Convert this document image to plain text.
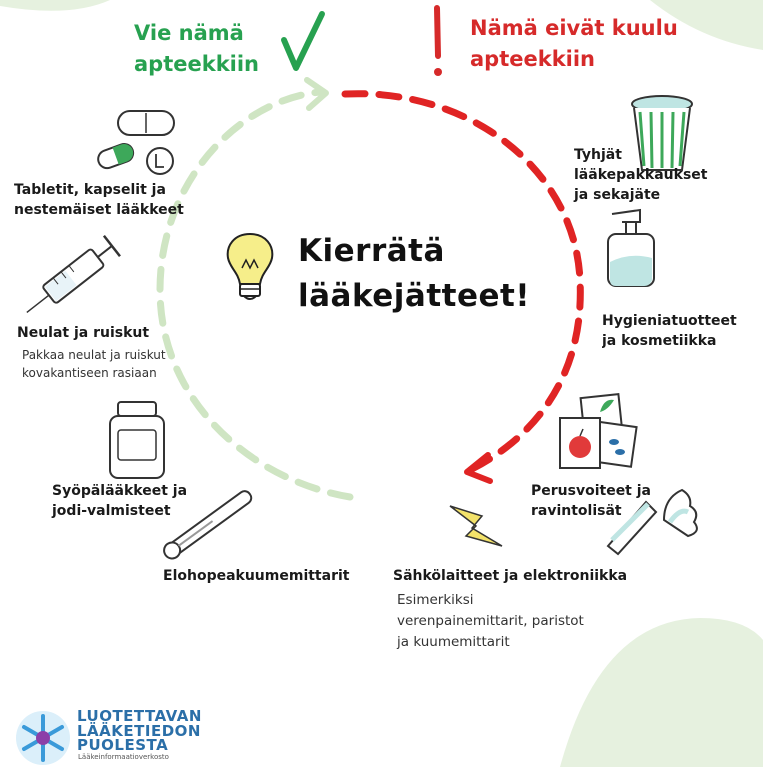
Vie nämä
apteekkiin
Nämä eivät kuulu
apteekkiin
Kierrätä
lääkejätteet!
Tabletit, kapselit ja
nestemäiset lääkkeet
Neulat ja ruiskut
Pakkaa neulat ja ruiskut
kovakantiseen rasiaan
Syöpälääkkeet ja
jodi-valmisteet
Elohopeakuumemittarit
Tyhjät
lääkepakkaukset
ja sekajäte
Hygieniatuotteet
ja kosmetiikka
Perusvoiteet ja
ravintolisät
Sähkölaitteet ja elektroniikka
Esimerkiksi
verenpainemittarit, paristot
ja kuumemittarit
LUOTETTAVAN
LÄÄKETIEDON
PUOLESTA
Lääkeinformaatioverkosto
